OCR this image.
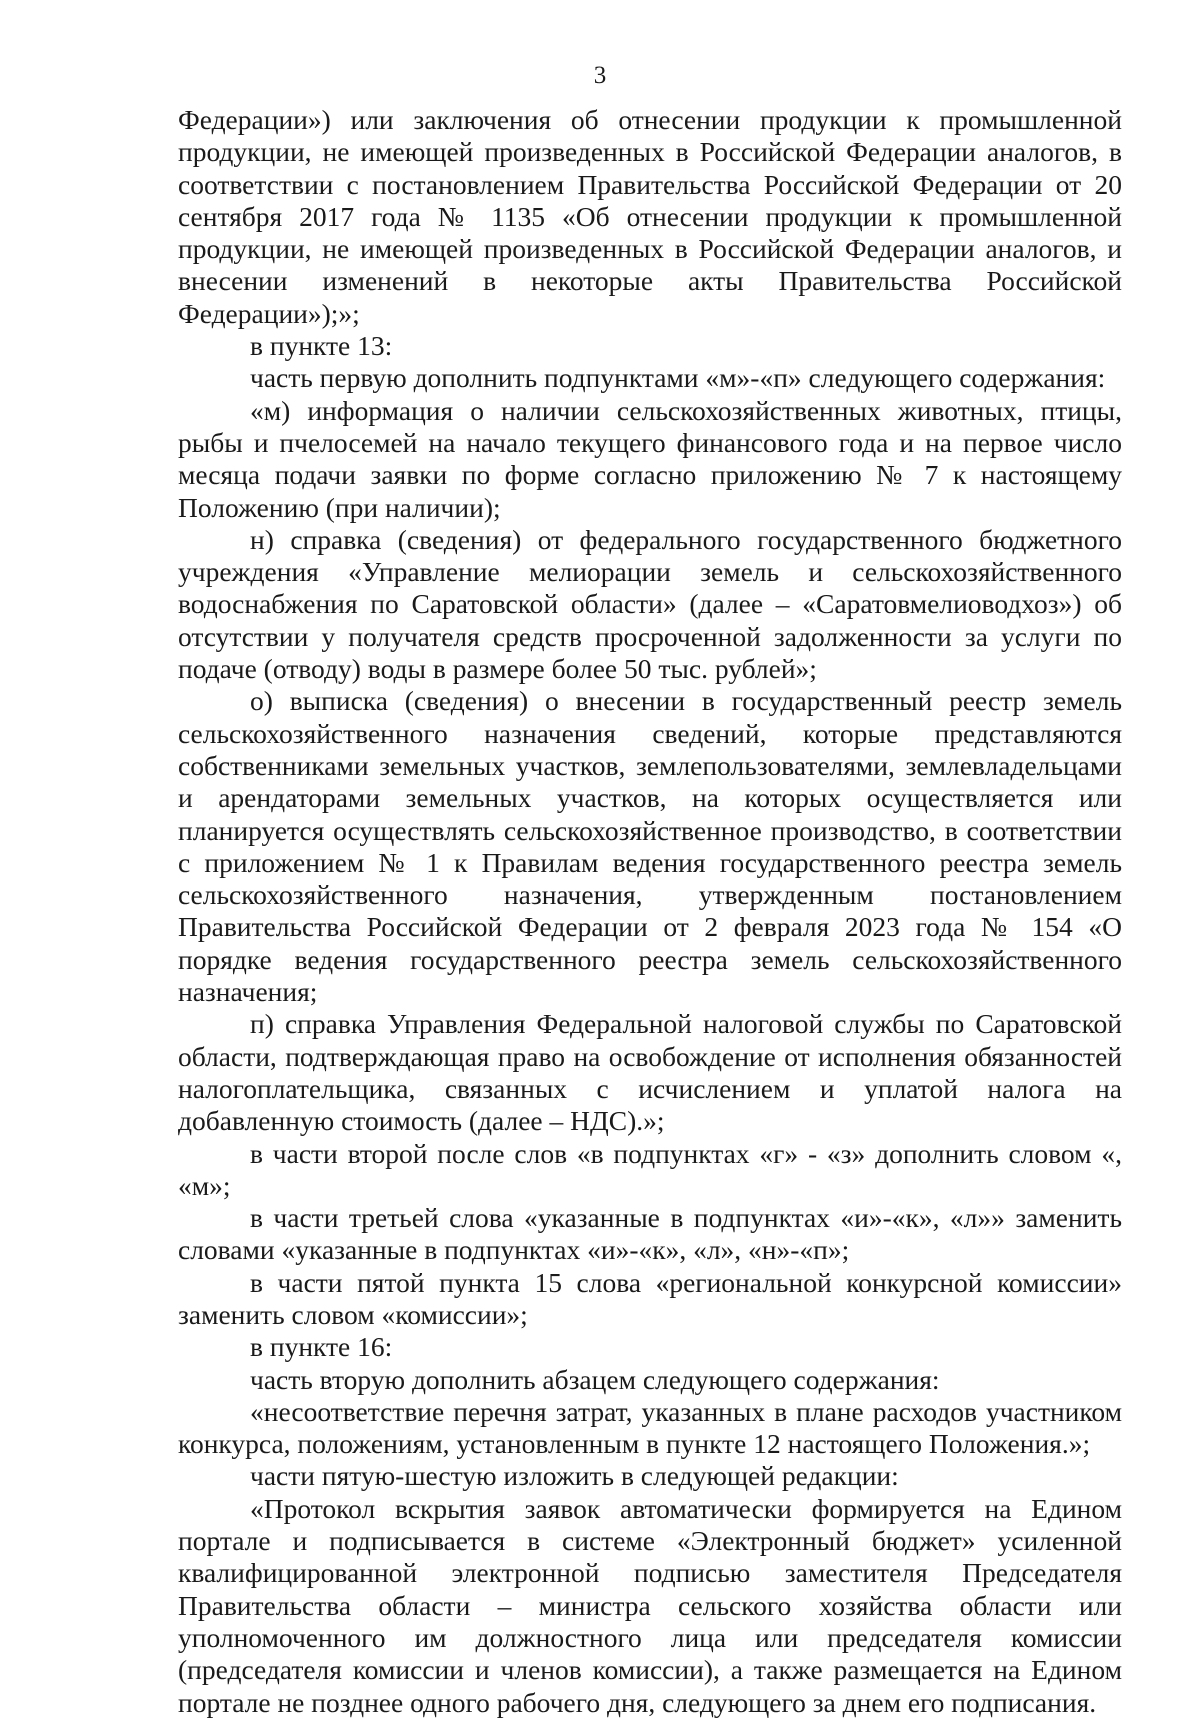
3

Федерации») или заключения об отнесении продукции к промышленной продукции, не имеющей произведенных в Российской Федерации аналогов, в соответствии с постановлением Правительства Российской Федерации от 20 сентября 2017 года № 1135 «Об отнесении продукции к промышленной продукции, не имеющей произведенных в Российской Федерации аналогов, и внесении изменений в некоторые акты Правительства Российской Федерации»);»;

в пункте 13:

часть первую дополнить подпунктами «м»-«п» следующего содержания:

«м) информация о наличии сельскохозяйственных животных, птицы, рыбы и пчелосемей на начало текущего финансового года и на первое число месяца подачи заявки по форме согласно приложению № 7 к настоящему Положению (при наличии);

н) справка (сведения) от федерального государственного бюджетного учреждения «Управление мелиорации земель и сельскохозяйственного водоснабжения по Саратовской области» (далее – «Саратовмелиоводхоз») об отсутствии у получателя средств просроченной задолженности за услуги по подаче (отводу) воды в размере более 50 тыс. рублей»;

о) выписка (сведения) о внесении в государственный реестр земель сельскохозяйственного назначения сведений, которые представляются собственниками земельных участков, землепользователями, землевладельцами и арендаторами земельных участков, на которых осуществляется или планируется осуществлять сельскохозяйственное производство, в соответствии с приложением № 1 к Правилам ведения государственного реестра земель сельскохозяйственного назначения, утвержденным постановлением Правительства Российской Федерации от 2 февраля 2023 года № 154 «О порядке ведения государственного реестра земель сельскохозяйственного назначения;

п) справка Управления Федеральной налоговой службы по Саратовской области, подтверждающая право на освобождение от исполнения обязанностей налогоплательщика, связанных с исчислением и уплатой налога на добавленную стоимость (далее – НДС).»;

в части второй после слов «в подпунктах «г» - «з» дополнить словом «, «м»;

в части третьей слова «указанные в подпунктах «и»-«к», «л»» заменить словами «указанные в подпунктах «и»-«к», «л», «н»-«п»;

в части пятой пункта 15 слова «региональной конкурсной комиссии» заменить словом «комиссии»;

в пункте 16:

часть вторую дополнить абзацем следующего содержания:

«несоответствие перечня затрат, указанных в плане расходов участником конкурса, положениям, установленным в пункте 12 настоящего Положения.»;

части пятую-шестую изложить в следующей редакции:

«Протокол вскрытия заявок автоматически формируется на Едином портале и подписывается в системе «Электронный бюджет» усиленной квалифицированной электронной подписью заместителя Председателя Правительства области – министра сельского хозяйства области или уполномоченного им должностного лица или председателя комиссии (председателя комиссии и членов комиссии), а также размещается на Едином портале не позднее одного рабочего дня, следующего за днем его подписания.
